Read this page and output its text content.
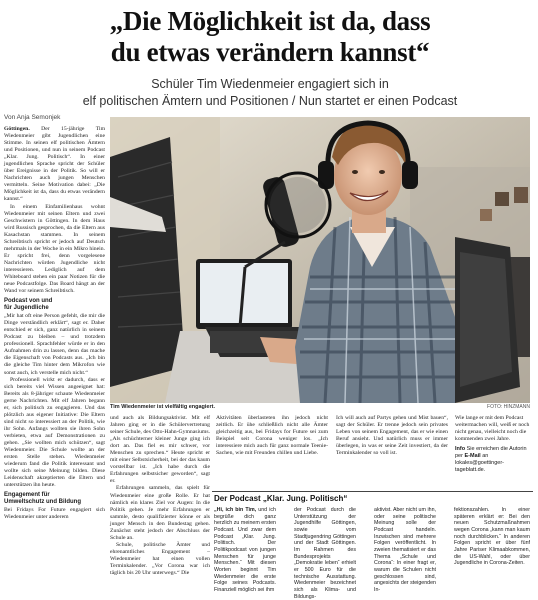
„Die Möglichkeit ist da, dass
du etwas verändern kannst“
Schüler Tim Wiedenmeier engagiert sich in
elf politischen Ämtern und Positionen / Nun startet er einen Podcast
Von Anja Semonjek

Göttingen. Der 15-jährige Tim Wiedenmeier gibt Jugendlichen eine Stimme. In seinen elf politischen Ämtern und Positionen, und nun in seinem Podcast „Klar. Jung. Politisch“. In einer jugendlichen Sprache spricht der Schüler über Ereignisse in der Politik. So will er Nachrichten auch jungen Menschen vermitteln. Seine Motivation dabei: „Die Möglichkeit ist da, dass du etwas verändern kannst.“

In einem Einfamilienhaus wohnt Wiedenmeier mit seinen Eltern und zwei Geschwistern in Göttingen. In dem Haus wird Russisch gesprochen, da die Eltern aus Kasachstan stammen. In seinem Schreibtisch spricht er jedoch auf Deutsch mehrmals in der Woche in ein Mikro hinein. Er spricht frei, denn vorgelesene Nachrichten würden Jugendliche nicht interessieren. Lediglich auf dem Whiteboard stehen ein paar Notizen für die neue Podcastfolge. Das Board hängt an der Wand vor seinem Schreibtisch.

Podcast von und
für Jugendliche

„Mir hat oft eine Person gefehlt, die mir die Dinge verständlich erklärt“, sagt er. Daher entschied er sich, ganz natürlich in seinem Podcast zu bleiben – und trotzdem professionell. Sprachfehler würde er in den Aufnahmen drin zu lassen, denn das mache die Eigenschaft von Podcasts aus. „Ich bin die gleiche Tim hinter dem Mikrofon wie sonst auch, ich verstelle mich nicht.“

Professionell wirkt er dadurch, dass er sich bereits viel Wissen angeeignet hat: Bereits als 8-jähriger schaute Wiedenmeier gerne Nachrichten. Mit elf Jahren begann er, sich politisch zu engagieren. Und das plötzlich aus eigener Initiative: Die Eltern sind nicht so interessiert an der Politik, wie ihr Sohn. Anfangs wollten sie ihren Sohn verbieten, etwa auf Demonstrationen zu gehen. „Sie wollten mich schützen“, sagt Wiedenmeier. Die Schule wollte an der ersten Stelle stehen. Wiedenmeier wiederum fand die Politik interessant und wollte sich seine Meinung bilden. Diese Leidenschaft akzeptierten die Eltern und unterstützen ihn heute.

Engagement für
Umweltschutz und Bildung

Bei Fridays For Future engagiert sich Wiedenmeier unter anderem

Tim Wiedenmeier ist vielfältig engagiert.	FOTO: HINZMANN
und auch als Bildungsaktivist. Mit elf Jahren ging er in die Schülervertretung seiner Schule, des Otto-Hahn-Gymnasiums. „Als schüchterner kleiner Junge ging ich dort an. Das fiel es mir schwer, vor Menschen zu sprechen.“ Heute spricht er mit einer Selbstsicherheit, bei der das kaum vorstellbar ist. „Ich habe durch die Erfahrungen selbstsicher geworden“, sagt er.
Erfahrungen sammeln, das spielt für Wiedenmeier eine große Rolle. Er hat nämlich ein klares Ziel vor Augen: In die Politik gehen. Je mehr Erfahrungen er sammle, desto qualifizierter könne er als junger Mensch in den Bundestag gehen. Zunächst steht jedoch der Abschluss der Schule an.
Schule, politische Ämter und ehrenamtliches Engagement – Wiedenmeier hat einen vollen Terminkalender. „Vor Corona war ich täglich bis 20 Uhr unterwegs.“ Die
Aktivitäten überlasteten ihn jedoch nicht zeitlich. Er ühe schließlich nicht alle Ämter gleichzeitig aus, bei Fridays for Future sei zum Beispiel seit Corona weniger los. „Ich interessiere mich auch für ganz normale Teenie-Sachen, wie mit Freunden chillen und Liebe.
Ich will auch auf Partys gehen und Mist bauen“, sagt der Schüler. Er trenne jedoch sein privates Leben von seinem Engagement, das er wie einen Beruf ansieht. Und natürlich muss er immer überlegen, in was er seine Zeit investiert, da der Terminkalender so voll ist.
Wie lange er mit dem Podcast weitermachen will, weiß er noch nicht genau, vielleicht noch die kommenden zwei Jahre.
Info Sie erreichen die Autorin per E-Mail an lokales@goettinger-tageblatt.de.
Der Podcast „Klar. Jung. Politisch“
„Hi, ich bin Tim, und ich begrüße dich ganz herzlich zu meinem ersten Podcast. Und zwar dem Podcast „Klar. Jung. Politisch. Der Politikpodcast von jungen Menschen für junge Menschen.“ Mit diesen Worten beginnt Tim Wiedenmeier die erste Folge seines Podcasts. Finanziell möglich sei ihm
der Podcast durch die Unterstützung der Jugendhilfe Göttingen, sowie vom Stadtjugendring Göttingen und der Stadt Göttingen. Im Rahmen des Bundesprojekts „Demokratie leben“ erhielt er 500 Euro für die technische Ausstattung. Wiedenmeier bezeichnet sich als Klima- und Bildungs-
aktivist. Aber nicht um ihn, oder seine politische Meinung solle der Podcast handeln. Inzwischen sind mehrere Folgen veröffentlicht. In zweien thematisiert er das Thema „Schule und Corona“: In einer fragt er, warum die Schulen nicht geschlossen sind, angesichts der steigenden In-
fektionszahlen. In einer späteren erklärt er: Bei den neuen Schutzmaßnahmen wegen Corona „kann man kaum noch durchblicken.“ In anderen Folgen spricht er über fünf Jahre Pariser Klimaabkommen, die US-Wahl, oder über Jugendliche in Corona-Zeiten.
